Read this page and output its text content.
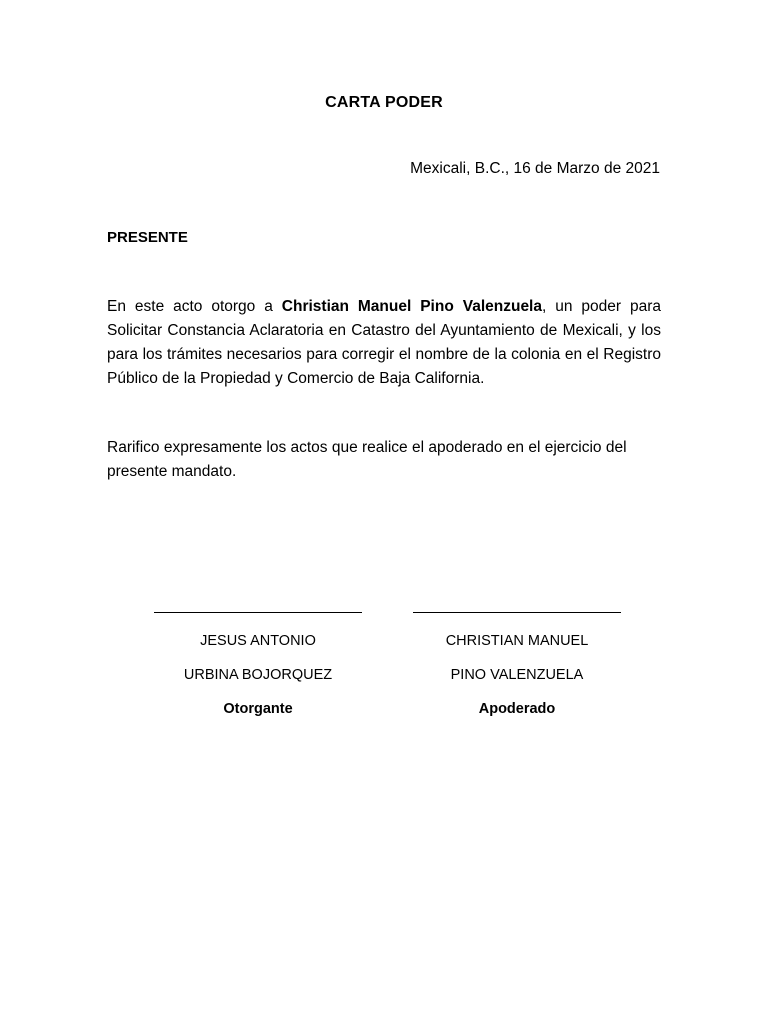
CARTA PODER
Mexicali, B.C., 16 de Marzo de 2021
PRESENTE
En este acto otorgo a Christian Manuel Pino Valenzuela, un poder para Solicitar Constancia Aclaratoria en Catastro del Ayuntamiento de Mexicali, y los para los trámites necesarios para corregir el nombre de la colonia en el Registro Público de la Propiedad y Comercio de Baja California.
Rarifico expresamente los actos que realice el apoderado en el ejercicio del presente mandato.
JESUS ANTONIO
URBINA BOJORQUEZ
Otorgante
CHRISTIAN MANUEL
PINO VALENZUELA
Apoderado
